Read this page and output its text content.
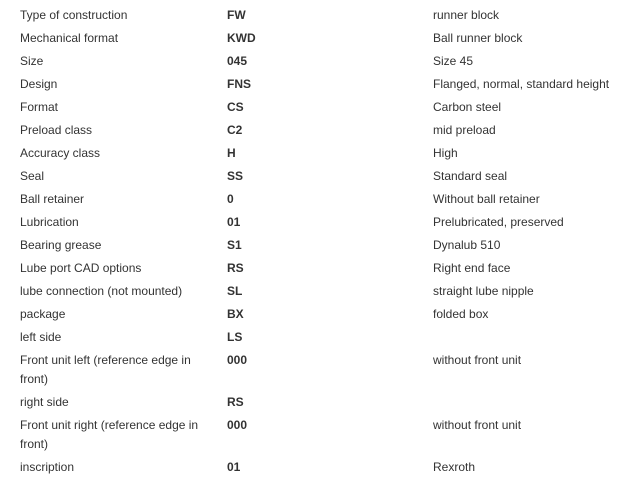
Type of construction	FW	runner block
Mechanical format	KWD	Ball runner block
Size	045	Size 45
Design	FNS	Flanged, normal, standard height
Format	CS	Carbon steel
Preload class	C2	mid preload
Accuracy class	H	High
Seal	SS	Standard seal
Ball retainer	0	Without ball retainer
Lubrication	01	Prelubricated, preserved
Bearing grease	S1	Dynalub 510
Lube port CAD options	RS	Right end face
lube connection (not mounted)	SL	straight lube nipple
package	BX	folded box
left side	LS	
Front unit left (reference edge in front)	000	without front unit
right side	RS	
Front unit right (reference edge in front)	000	without front unit
inscription	01	Rexroth
